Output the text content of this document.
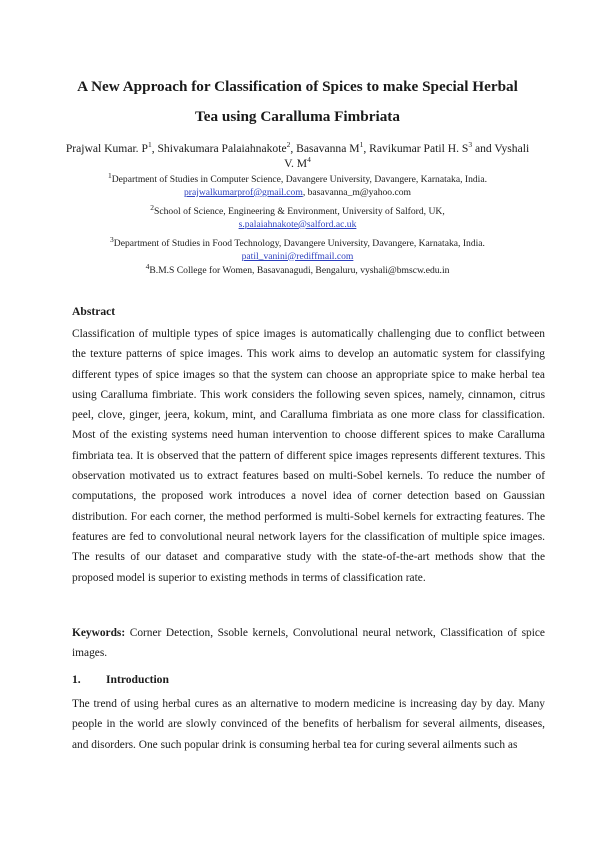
A New Approach for Classification of Spices to make Special Herbal
Tea using Caralluma Fimbriata
Prajwal Kumar. $P^1$, Shivakumara Palaiahnakote$^2$, Basavanna $M^1$, Ravikumar Patil H. $S^3$ and Vyshali V. $M^4$
$^1$Department of Studies in Computer Science, Davangere University, Davangere, Karnataka, India.
prajwalkumarprof@gmail.com, basavanna_m@yahoo.com
$^2$School of Science, Engineering & Environment, University of Salford, UK,
s.palaiahnakote@salford.ac.uk
$^3$Department of Studies in Food Technology, Davangere University, Davangere, Karnataka, India.
patil_vanini@rediffmail.com
$^4$B.M.S College for Women, Basavanagudi, Bengaluru, vyshali@bmscw.edu.in
Abstract

Classification of multiple types of spice images is automatically challenging due to conflict between the texture patterns of spice images. This work aims to develop an automatic system for classifying different types of spice images so that the system can choose an appropriate spice to make herbal tea using Caralluma fimbriate. This work considers the following seven spices, namely, cinnamon, citrus peel, clove, ginger, jeera, kokum, mint, and Caralluma fimbriata as one more class for classification. Most of the existing systems need human intervention to choose different spices to make Caralluma fimbriata tea. It is observed that the pattern of different spice images represents different textures. This observation motivated us to extract features based on multi-Sobel kernels. To reduce the number of computations, the proposed work introduces a novel idea of corner detection based on Gaussian distribution. For each corner, the method performed is multi-Sobel kernels for extracting features. The features are fed to convolutional neural network layers for the classification of multiple spice images. The results of our dataset and comparative study with the state-of-the-art methods show that the proposed model is superior to existing methods in terms of classification rate.

Keywords: Corner Detection, Ssoble kernels, Convolutional neural network, Classification of spice images.

1. Introduction

The trend of using herbal cures as an alternative to modern medicine is increasing day by day. Many people in the world are slowly convinced of the benefits of herbalism for several ailments, diseases, and disorders. One such popular drink is consuming herbal tea for curing several ailments such as
